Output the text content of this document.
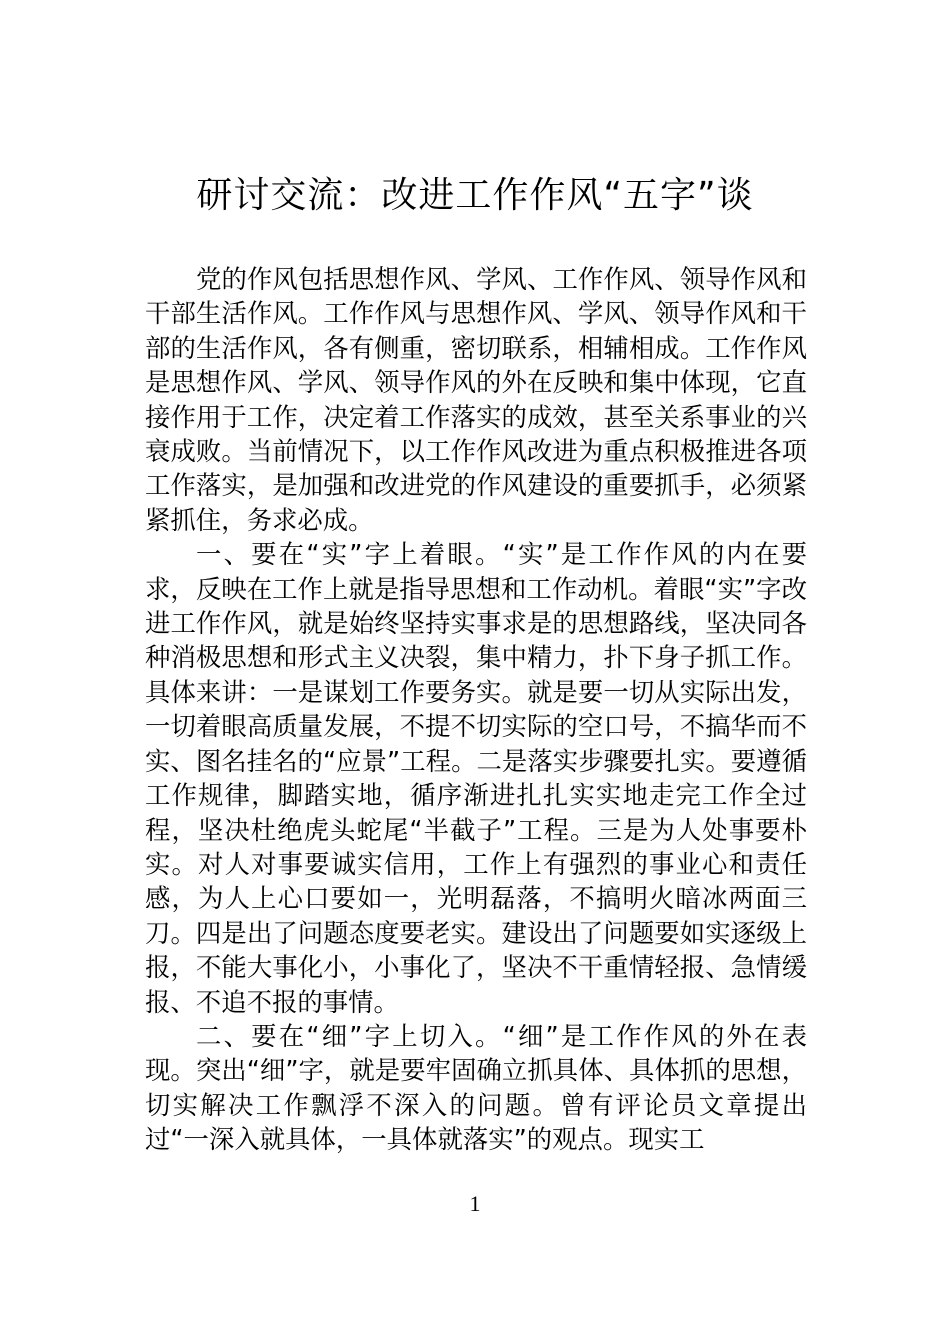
研讨交流：改进工作作风“五字”谈

党的作风包括思想作风、学风、工作作风、领导作风和干部生活作风。工作作风与思想作风、学风、领导作风和干部的生活作风，各有侧重，密切联系，相辅相成。工作作风是思想作风、学风、领导作风的外在反映和集中体现，它直接作用于工作，决定着工作落实的成效，甚至关系事业的兴衰成败。当前情况下，以工作作风改进为重点积极推进各项工作落实，是加强和改进党的作风建设的重要抓手，必须紧紧抓住，务求必成。

一、要在“实”字上着眼。“实”是工作作风的内在要求，反映在工作上就是指导思想和工作动机。着眼“实”字改进工作作风，就是始终坚持实事求是的思想路线，坚决同各种消极思想和形式主义决裂，集中精力，扑下身子抓工作。具体来讲：一是谋划工作要务实。就是要一切从实际出发，一切着眼高质量发展，不提不切实际的空口号，不搞华而不实、图名挂名的“应景”工程。二是落实步骤要扎实。要遵循工作规律，脚踏实地，循序渐进扎扎实实地走完工作全过程，坚决杜绝虎头蛇尾“半截子”工程。三是为人处事要朴实。对人对事要诚实信用，工作上有强烈的事业心和责任感，为人上心口要如一，光明磊落，不搞明火暗冰两面三刀。四是出了问题态度要老实。建设出了问题要如实逐级上报，不能大事化小，小事化了，坚决不干重情轻报、急情缓报、不追不报的事情。

二、要在“细”字上切入。“细”是工作作风的外在表现。突出“细”字，就是要牢固确立抓具体、具体抓的思想，切实解决工作飘浮不深入的问题。曾有评论员文章提出过“一深入就具体，一具体就落实”的观点。现实工

1
